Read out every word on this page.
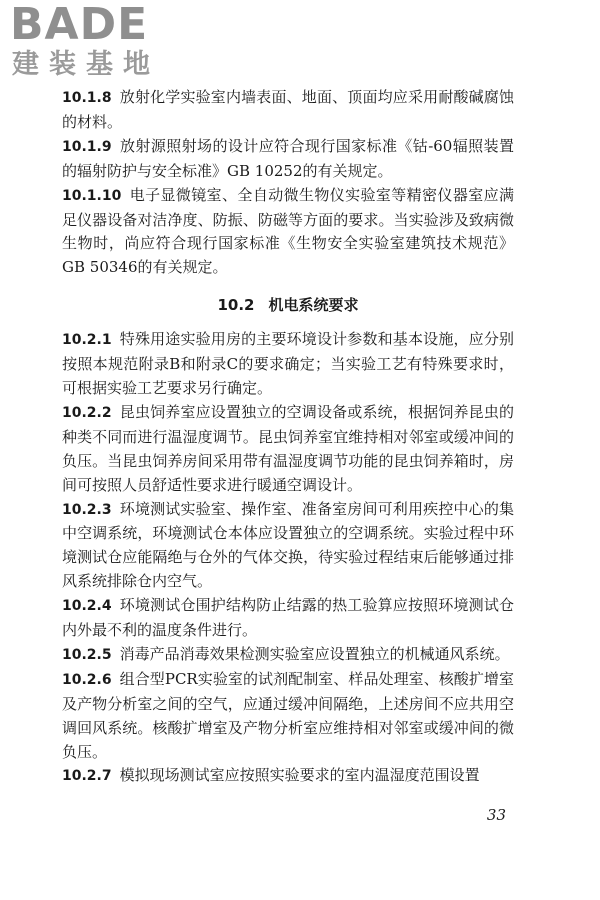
BADE
建装基地

10.1.8 放射化学实验室内墙表面、地面、顶面均应采用耐酸碱腐蚀的材料。

10.1.9 放射源照射场的设计应符合现行国家标准《钴-60辐照装置的辐射防护与安全标准》GB 10252的有关规定。

10.1.10 电子显微镜室、全自动微生物仪实验室等精密仪器室应满足仪器设备对洁净度、防振、防磁等方面的要求。当实验涉及致病微生物时，尚应符合现行国家标准《生物安全实验室建筑技术规范》GB 50346的有关规定。

10.2 机电系统要求

10.2.1 特殊用途实验用房的主要环境设计参数和基本设施，应分别按照本规范附录B和附录C的要求确定；当实验工艺有特殊要求时，可根据实验工艺要求另行确定。

10.2.2 昆虫饲养室应设置独立的空调设备或系统，根据饲养昆虫的种类不同而进行温湿度调节。昆虫饲养室宜维持相对邻室或缓冲间的负压。当昆虫饲养房间采用带有温湿度调节功能的昆虫饲养箱时，房间可按照人员舒适性要求进行暖通空调设计。

10.2.3 环境测试实验室、操作室、准备室房间可利用疾控中心的集中空调系统，环境测试仓本体应设置独立的空调系统。实验过程中环境测试仓应能隔绝与仓外的气体交换，待实验过程结束后能够通过排风系统排除仓内空气。

10.2.4 环境测试仓围护结构防止结露的热工验算应按照环境测试仓内外最不利的温度条件进行。

10.2.5 消毒产品消毒效果检测实验室应设置独立的机械通风系统。

10.2.6 组合型PCR实验室的试剂配制室、样品处理室、核酸扩增室及产物分析室之间的空气，应通过缓冲间隔绝，上述房间不应共用空调回风系统。核酸扩增室及产物分析室应维持相对邻室或缓冲间的微负压。

10.2.7 模拟现场测试室应按照实验要求的室内温湿度范围设置

33
